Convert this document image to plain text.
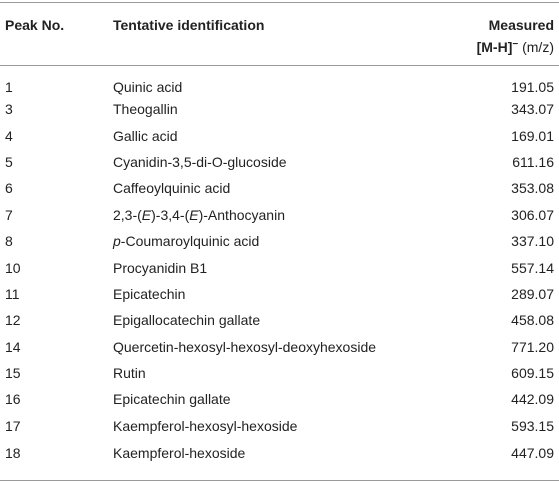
Peak No.	Tentative identification	Measured
[M-H]− (m/z)

1	Quinic acid	191.05
3	Theogallin	343.07
4	Gallic acid	169.01
5	Cyanidin-3,5-di-O-glucoside	611.16
6	Caffeoylquinic acid	353.08
7	2,3-(E)-3,4-(E)-Anthocyanin	306.07
8	p-Coumaroylquinic acid	337.10
10	Procyanidin B1	557.14
11	Epicatechin	289.07
12	Epigallocatechin gallate	458.08
14	Quercetin-hexosyl-hexosyl-deoxyhexoside	771.20
15	Rutin	609.15
16	Epicatechin gallate	442.09
17	Kaempferol-hexosyl-hexoside	593.15
18	Kaempferol-hexoside	447.09
